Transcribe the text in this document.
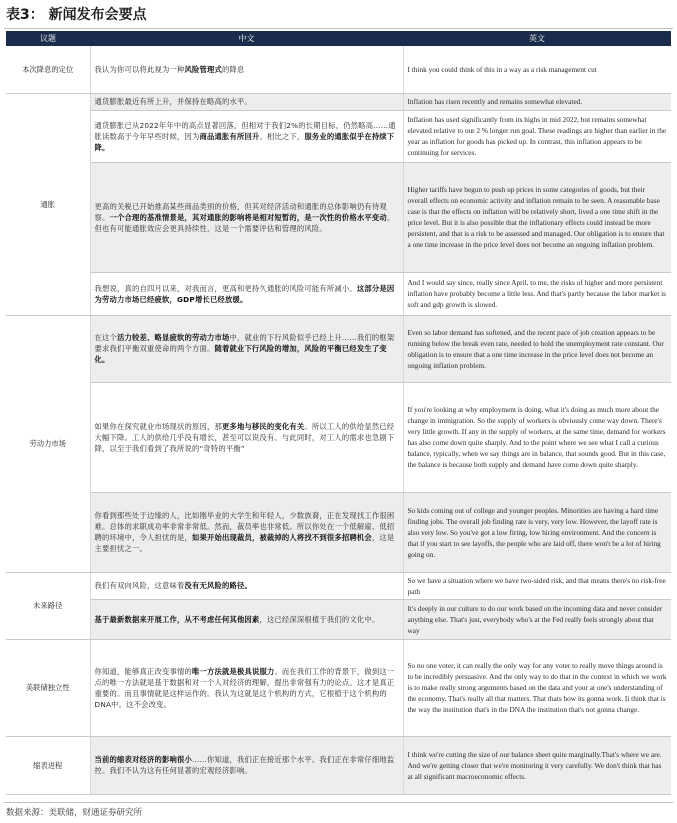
表3： 新闻发布会要点
议题	中文	英文
本次降息的定位	我认为你可以将此视为一种风险管理式的降息	I think you could think of this in a way as a risk management cut
通胀	通货膨胀最近有所上升，并保持在略高的水平。	Inflation has risen recently and remains somewhat elevated.
	通货膨胀已从2022年年中的高点显著回落，但相对于我们2%的长期目标，仍然略高……通胀读数高于今年早些时候，因为商品通胀有所回升。相比之下，服务业的通胀似乎在持续下降。	Inflation has used significantly from its highs in mid 2022, but remains somewhat elevated relative to our 2 % longer run goal. These readings are higher than earlier in the year as inflation for goods has picked up. In contrast, this inflation appears to be continuing for services.
	更高的关税已开始推高某些商品类别的价格，但其对经济活动和通胀的总体影响仍有待观察。一个合理的基准情景是，其对通胀的影响将是相对短暂的，是一次性的价格水平变动。但也有可能通胀效应会更具持续性，这是一个需要评估和管理的风险。	Higher tariffs have begun to push up prices in some categories of goods, but their overall effects on economic activity and inflation remain to be seen. A reasonable base case is that the effects on inflation will be relatively short, lived a one time shift in the price level. But it is also possible that the inflationary effects could instead be more persistent, and that is a risk to be assessed and managed. Our obligation is to ensure that a one time increase in the price level does not become an ongoing inflation problem.
	我想说，真的自四月以来，对我而言，更高和更持久通胀的风险可能有所减小。这部分是因为劳动力市场已经疲软，GDP增长已经放缓。	And I would say since, really since April, to me, the risks of higher and more persistent inflation have probably become a little less. And that's partly because the labor market is soft and gdp growth is slowed.
劳动力市场	在这个活力较差、略显疲软的劳动力市场中，就业的下行风险似乎已经上升……我们的框架要求我们平衡双重使命的两个方面。随着就业下行风险的增加，风险的平衡已经发生了变化。	Even so labor demand has softened, and the recent pace of job creation appears to be running below the break even rate, needed to hold the unemployment rate constant. Our obligation is to ensure that a one time increase in the price level does not become an ongoing inflation problem.
	如果你在探究就业市场现状的原因，那更多地与移民的变化有关。所以工人的供给显然已经大幅下降。工人的供给几乎没有增长，甚至可以说没有。与此同时，对工人的需求也急剧下降，以至于我们看到了我所说的“奇特的平衡”	If you're looking at why employment is doing, what it's doing as much more about the change in immigration. So the supply of workers is obviously come way down. There's very little growth. If any in the supply of workers, at the same time, demand for workers has also come down quite sharply. And to the point where we see what I call a curious balance, typically, when we say things are in balance, that sounds good. But in this case, the balance is because both supply and demand have come down quite sharply.
	你看到那些处于边缘的人，比如刚毕业的大学生和年轻人，少数族裔，正在发现找工作很困难。总体的求职成功率非常非常低。然而，裁员率也非常低。所以你处在一个低解雇、低招聘的环境中，令人担忧的是，如果开始出现裁员，被裁掉的人将找不到很多招聘机会，这是主要担忧之一。	So kids coming out of college and younger peoples. Minorities are having a hard time finding jobs. The overall job finding rate is very, very low. However, the layoff rate is also very low. So you've got a low firing, low hiring environment. And the concern is that if you start to see layoffs, the people who are laid off, there won't be a lot of hiring going on.
未来路径	我们有双向风险，这意味着没有无风险的路径。	So we have a situation where we have two-sided risk, and that means there's no risk-free path
	基于最新数据来开展工作，从不考虑任何其他因素，这已经深深根植于我们的文化中。	It's deeply in our culture to do our work based on the incoming data and never consider anything else. That's just, everybody who's at the Fed really feels strongly about that way
美联储独立性	你知道，能够真正改变事情的唯一方法就是极具说服力。而在我们工作的背景下，做到这一点的唯一方法就是基于数据和对一个人对经济的理解，提出非常强有力的论点。这才是真正重要的。而且事情就是这样运作的。我认为这就是这个机构的方式，它根植于这个机构的DNA中。这不会改变。	So no one voter, it can really the only way for any voter to really move things around is to be incredibly persuasive. And the only way to do that in the context in which we work is to make really strong arguments based on the data and your at one's understanding of the economy. That's really all that matters. That thats how its gonna work. Ii think that is the way the institution that's in the DNA the institution that's not gonna change.
缩表进程	当前的缩表对经济的影响很小……你知道，我们正在接近那个水平。我们正在非常仔细地监控。我们不认为这有任何显著的宏观经济影响。	I think we're cutting the size of our balance sheet quite marginally.That's where we are. And we're getting closer that we're monitoring it very carefully. We don't think that has at all significant macroeconomic effects.
数据来源：美联储，财通证券研究所
